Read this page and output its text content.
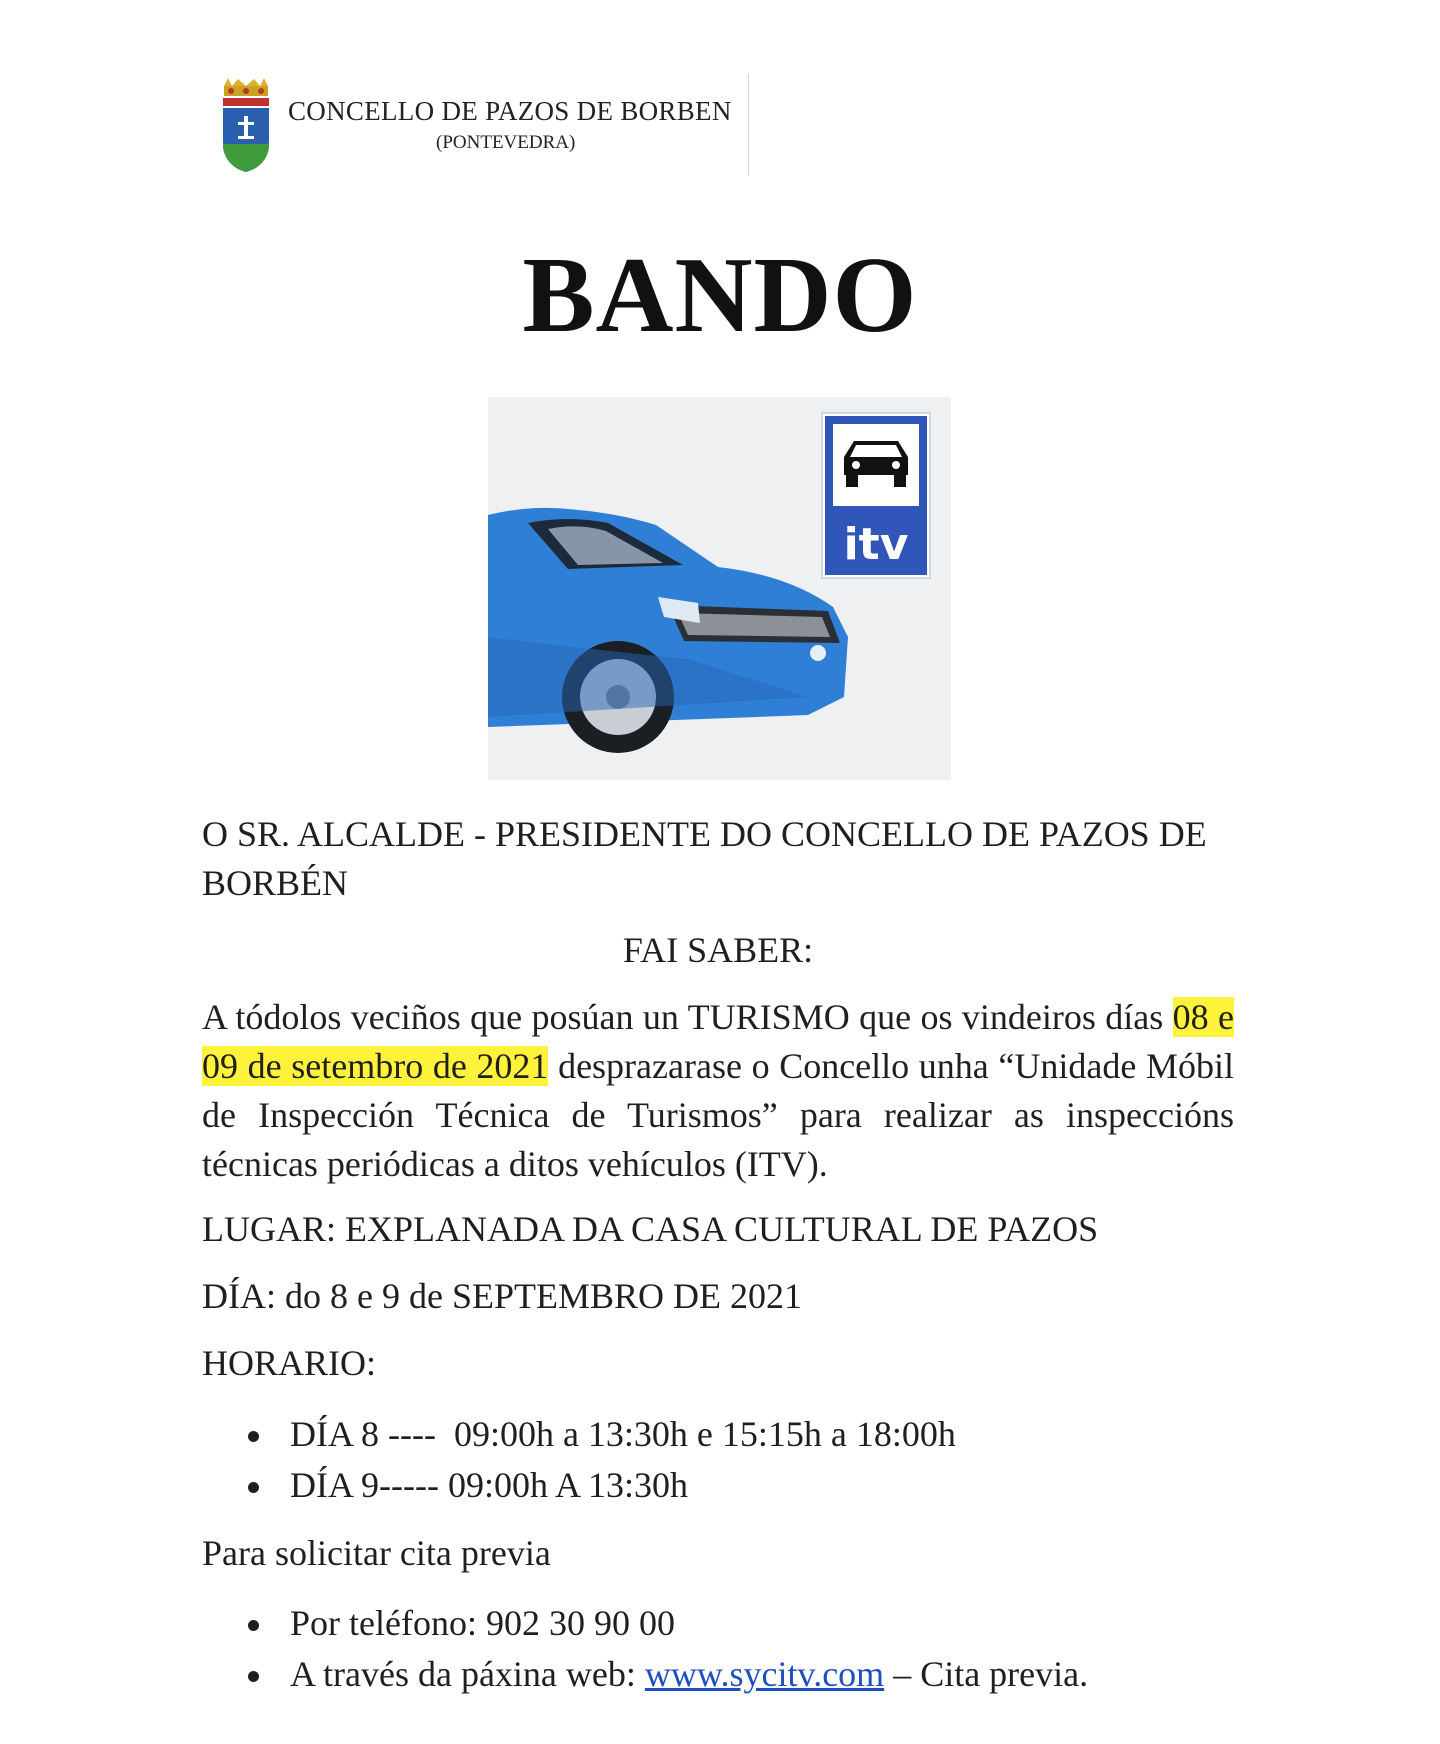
CONCELLO DE PAZOS DE BORBEN
(PONTEVEDRA)
BANDO
itv
O SR. ALCALDE - PRESIDENTE DO CONCELLO DE PAZOS DE BORBÉN
FAI SABER:
A tódolos veciños que posúan un TURISMO que os vindeiros días 08 e 09 de setembro de 2021 desprazarase o Concello unha “Unidade Móbil de Inspección Técnica de Turismos” para realizar as inspeccións técnicas periódicas a ditos vehículos (ITV).
LUGAR: EXPLANADA DA CASA CULTURAL DE PAZOS
DÍA: do 8 e 9 de SEPTEMBRO DE 2021
HORARIO:
DÍA 8 ----  09:00h a 13:30h e 15:15h a 18:00h
DÍA 9----- 09:00h A 13:30h
Para solicitar cita previa
Por teléfono: 902 30 90 00
A través da páxina web: www.sycitv.com – Cita previa.
